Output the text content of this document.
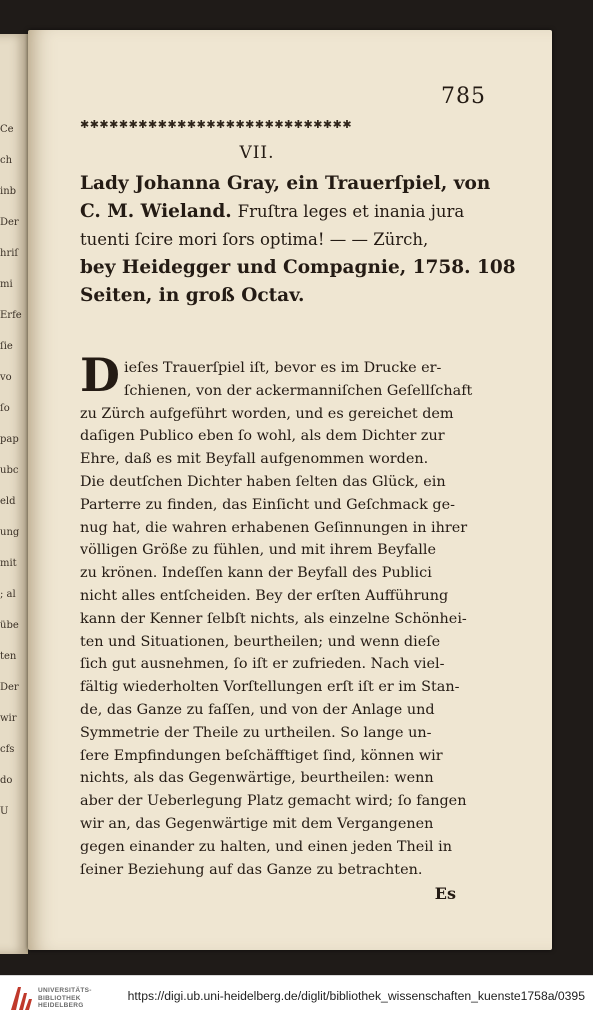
Ce
ch
inb
Der
hriſ
mi
Erfe
ſie
vo
ſo
pap
ubc
eld
ung
mit
; al
übe
ten
Der
wir
cfs
do
U
785
✱✱✱✱✱✱✱✱✱✱✱✱✱✱✱✱✱✱✱✱✱✱✱✱✱✱✱✱
VII.
Lady Johanna Gray, ein Trauerſpiel, von
C. M. Wieland. Fruſtra leges et inania jura
tuenti ſcire mori ſors optima! — — Zürch,
bey Heidegger und Compagnie, 1758. 108
Seiten, in groß Octav.
D ieſes Trauerſpiel iſt, bevor es im Drucke er-
ſchienen, von der ackermanniſchen Geſellſchaft
zu Zürch aufgeführt worden, und es gereichet dem
daſigen Publico eben ſo wohl, als dem Dichter zur
Ehre, daß es mit Beyfall aufgenommen worden.
Die deutſchen Dichter haben ſelten das Glück, ein
Parterre zu finden, das Einſicht und Geſchmack ge-
nug hat, die wahren erhabenen Geſinnungen in ihrer
völligen Größe zu fühlen, und mit ihrem Beyfalle
zu krönen. Indeſſen kann der Beyfall des Publici
nicht alles entſcheiden. Bey der erſten Aufführung
kann der Kenner ſelbſt nichts, als einzelne Schönhei-
ten und Situationen, beurtheilen; und wenn dieſe
ſich gut ausnehmen, ſo iſt er zufrieden. Nach viel-
fältig wiederholten Vorſtellungen erſt iſt er im Stan-
de, das Ganze zu faſſen, und von der Anlage und
Symmetrie der Theile zu urtheilen. So lange un-
ſere Empfindungen beſchäfftiget ſind, können wir
nichts, als das Gegenwärtige, beurtheilen: wenn
aber der Ueberlegung Platz gemacht wird; ſo fangen
wir an, das Gegenwärtige mit dem Vergangenen
gegen einander zu halten, und einen jeden Theil in
ſeiner Beziehung auf das Ganze zu betrachten.
Es
UNIVERSITÄTS-
BIBLIOTHEK
HEIDELBERG
https://digi.ub.uni-heidelberg.de/diglit/bibliothek_wissenschaften_kuenste1758a/0395
